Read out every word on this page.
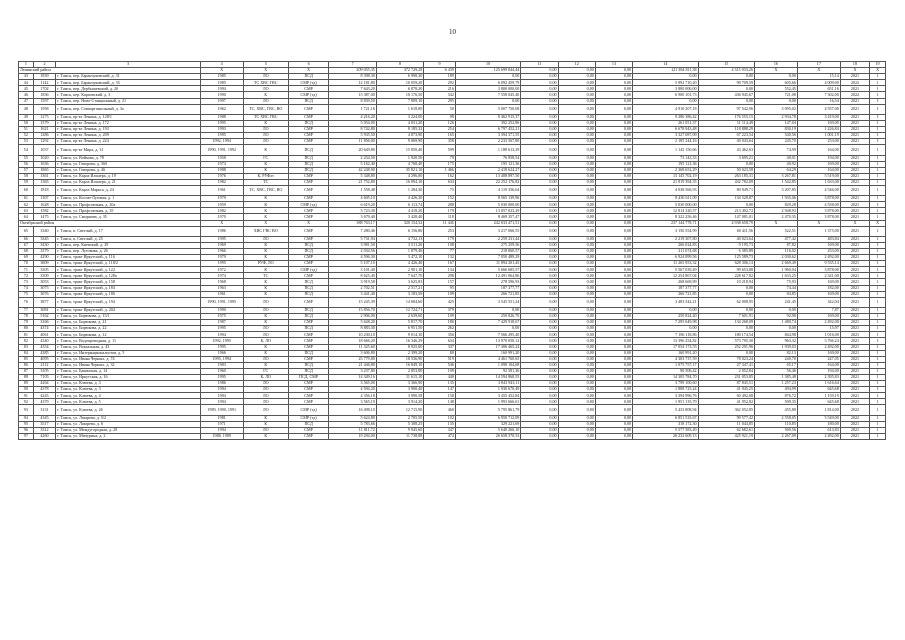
10
1	2	3	4	5	6	7	8	9	10	11	12	13	14	15	16	17	18	19
Ленинский район			X	X	X	209 055,35	372 729,28	6 439	125 699 844,44	0,00	0,00	0,00	121 384 811,38	4 315 033,26	X	X	X	X
43	1839	г. Томск, пер. Баранчуковский, д. 31	1985	ЛО	ПСД	8 398,30	6 998,30	189	0,00	0,00	0,00	0,00	0,00	0,00	0,00	15,14	2021	1
44	1142	г. Томск, пер. Баранчуковский, д. 35	1985	ТС ХВС ГВС	СМР (тд)	12 181,80	10 059,20	292	6 092 459,79	0,00	0,00	0,00	5 992 710,20	99 709,59	605,66	4 009,00	2022	1
45	1702	г. Томск, пер. Дербышевский, д. 20	1994	ЛО	СМР	7 643,20	6 878,20	216	3 800 000,00	0,00	0,00	0,00	3 800 000,00	0,00	552,45	651,16	2021	1
46	1836	г. Томск, пер. Карповский, д. 3	1990	К	СМР (тд)	15 387,00	10 176,50	342	7 558 045,40	0,00	0,00	0,00	6 900 101,73	436 945,67	721,08	7 302,00	2022	1
47	1597	г. Томск, пер. Ново-Станционный, д. 21	1997	ЛО	ПСД	8 839,50	7 809,10	295	0,00	0,00	0,00	0,00	0,00	0,00	0,00	16,54	2021	1
48	1958	г. Томск, пер. Совпартшкольный, д. 3а	1962	ТС, ХВС, ГВС, ВО	СМР	1 721,16	1 618,00	50	5 007 750,08	0,00	0,00	0,00	4 910 207,18	97 542,96	3 095,02	4 557,00	2021	1
49	1275	г. Томск, пр-кт Ленина, д. 128/1	1988	ТС ХВС ГВС	СМР	4 216,20	3 224,00	98	9 462 915,37	0,00	0,00	0,00	9 286 386,42	176 555,15	2 934,78	3 419,00	2021	1
50	1579	г. Томск, пр-кт Ленина, д. 172	1995	К	ПСД	5 054,00	4 031,20	126	392 252,86	0,00	0,00	0,00	261 051,37	11 114,49	147,04	169,00	2021	1
51	1621	г. Томск, пр-кт Ленина, д. 193	1993	ЛО	СМР	8 742,80	8 185,32	254	6 797 452,21	0,00	0,00	0,00	6 678 943,48	118 888,29	830,19	1 226,84	2021	1
52	1286	г. Томск, пр-кт Ленина, д. 209	1995	ЛО	СМР	5 935,50	4 873,90	165	3 394 371,55	0,00	0,00	0,00	3 327 087,09	67 223,54	540,56	1 001,19	2021	1
53	1292	г. Томск, пр-кт Ленина, д. 224	1992, 1994	ЛО	СМР	11 856,00	9 069,90	358	2 233 567,80	0,00	0,00	0,00	2 185 244,16	40 043,64	245,70	253,00	2021	1
54	1037	г. Томск, пр-кт Мира, д. 31	1990, 1991, 1992	К	ПСД	20 649,80	15 850,40	599	1 188 613,29	0,00	0,00	0,00	1 145 150,66	43 462,63	74,99	164,00	2021	1
55	1020	г. Томск, ул. Войкова, д. 78	1958	ГС	ПСД	2 254,50	1 920,50	79	76 858,54	0,00	0,00	0,00	73 143,33	3 695,21	40,01	194,00	2021	1
56	1636	г. Томск, ул. Говорова, д. 36б	1974	К	ПСД	5 162,40	4 768,40	175	195 121,36	0,00	0,00	0,00	195 121,36	0,00	40,92	169,00	2021	1
57	1865	г. Томск, ул. Говорова, д. 46	1988	К	ПСД	42 248,90	35 821,10	1 466	2 418 624,27	0,00	0,00	0,00	2 368 652,29	50 023,58	64,29	164,00	2021	1
58	1361	г. Томск, ул. Карла Ильмера, д. 19	1976	К, РУФлт	СМР	5 348,80	4 296,00	162	13 408 897,50	0,00	0,00	0,00	13 145 702,19	263 185,31	3 267,81	5 519,00	2021	1
59	1365	г. Томск, ул. Карла Ильмера, д. 21	1982	ТС	СМР	21 752,80	16 094,10	634	22 252 176,82	0,00	0,00	0,00	21 819 394,35	432 782,09	1 542,85	1 633,00	2021	1
60	1818	г. Томск, ул. Карла Маркса, д. 24	1961	ТС, ХВС, ГВС, ВО	СМР	1 558,48	1 284,30	75	4 119 356,64	0,00	0,00	0,00	4 038 566,93	80 949,71	3 207,85	4 546,00	2021	1
61	1307	г. Томск, ул. Косою-Луговая, д. 1	1979	К	СМР	4 605,10	4 426,30	152	8 565 139,96	0,00	0,00	0,00	8 430 611,09	134 528,87	1 935,06	3 878,00	2021	1
62	1628	г. Томск, ул. Профсоюзная, д. 20а	1959	К	СМР (тд)	6 619,20	6 113,74	288	5 030 000,00	0,00	0,00	0,00	5 030 000,00	0,00	829,28	4 558,00	2021	1
63	1582	г. Томск, ул. Профсоюзная, д. 35	1982	К	СМР	5 723,30	4 418,20	179	13 057 023,29	0,00	0,00	0,00	12 814 320,57	213 402,72	2 948,93	3 878,00	2021	1
64	1475	г. Томск, ул. Смирнова, д. 35	1970	К	СМР	3 679,40	3 428,40	118	8 469 357,47	0,00	0,00	0,00	8 322 256,46	147 081,01	2 470,35	3 878,00	2021	1
Октябрьский район			X	X	X	388 763,17	320 154,32	11 445	242 033 471,51	0,00	0,00	0,00	237 144 778,71	4 938 658,79	X	X	X	X
65	3340	г. Томск, п. Светлый, д. 17	1986	ХВС ГВС ВО	СМР	7 280,46	6 156,86	253	3 217 066,55	0,00	0,00	0,00	3 156 554,99	60 411,56	522,51	1 375,00	2021	1
66	3345	г. Томск, п. Светлый, д. 25	1995	ЛО	СМР	5 731,94	4 732,13	179	2 259 231,44	0,00	0,00	0,00	2 219 307,80	40 023,64	477,42	483,84	2021	1
67	3430	г. Томск, пер. Киевский, д. 29	1969	К	ПСД	3 981,50	3 511,20	108	275 259,56	0,00	0,00	0,00	266 024,83	9 195,73	87,82	169,00	2021	1
68	3379	г. Томск, пер. Луговика, д. 26	1966	К	ПСД	2 034,56	1 879,46	77	218 060,57	0,00	0,00	0,00	211 674,68	6 385,89	116,02	253,00	2021	1
69	4290	г. Томск, тракт Иркутский, д. 116	1979	К	СМР	4 596,30	3 472,10	132	7 050 489,29	0,00	0,00	0,00	6 924 899,56	125 589,73	2 030,62	2 492,00	2021	1
70	3809	г. Томск, тракт Иркутский, д. 118/2	1995	РУФ, ЛО	СМР	5 107,10	4 426,40	167	11 894 201,45	0,00	0,00	0,00	11 265 953,32	628 306,13	2 669,49	9 535,14	2021	1
71	3305	г. Томск, тракт Иркутский, д. 122	1972	К	СМР (тд)	3 101,40	2 901,10	134	5 666 685,57	0,00	0,00	0,00	5 567 039,49	99 653,88	1 960,04	3 878,00	2021	1
72	3309	г. Томск, тракт Иркутский, д. 128а	1974	ТС	СМР	8 625,40	7 647,70	298	12 491 064,86	0,00	0,00	0,00	12 254 867,04	228 617,82	1 633,25	2 341,00	2021	1
73	3053	г. Томск, тракт Иркутский, д. 158	1968	К	ПСД	3 919,58	3 625,83	157	278 596,93	0,00	0,00	0,00	268 669,99	10 218,94	75,93	169,00	2021	1
74	3075	г. Томск, тракт Иркутский, д. 184	1963	К	ПСД	2 702,51	2 517,21	95	187 377,77	0,00	0,00	0,00	187 377,77	0,00	74,44	182,00	2021	1
75	3076	г. Томск, тракт Иркутский, д. 186	1961	К	ПСД	3 441,40	3 183,56	109	266 721,85	0,00	0,00	0,00	266 721,85	0,00	84,85	169,00	2021	1
76	3877	г. Томск, тракт Иркутский, д. 194	1990, 1991, 1995	ЛО	СМР	15 245,39	14 684,60	425	3 545 551,24	0,00	0,00	0,00	3 483 542,21	62 008,95	241,45	342,04	2021	1
77	3081	г. Томск, тракт Иркутский, д. 204	1990	ЛО	ПСД	15 856,70	12 724,71	379	0,00	0,00	0,00	0,00	0,00	0,00	0,00	7,87	2021	1
78	5162	г. Томск, ул. Бирюкова, д. 15/1	1975	К	ПСД	2 906,00	2 639,60	109	250 826,70	0,00	0,00	0,00	250 824,40	7 601,91	92,98	169,00	2021	1
79	3166	г. Томск, ул. Бирюкова, д. 21	1987	К	СМР	5 628,20	5 817,70	180	7 429 918,67	0,00	0,00	0,00	7 295 649,98	134 268,09	1 480,74	2 492,00	2021	1
80	4374	г. Томск, ул. Бирюкова, д. 22	1995	ЛО	ПСД	8 883,30	6 951,50	262	0,00	0,00	0,00	0,00	0,00	0,00	0,00	15,97	2021	1
81	4061	г. Томск, ул. Бирюкова, д. 12	1994	ЛО	СМР	10 230,10	9 014,10	356	7 566 295,40	0,00	0,00	0,00	7 186 118,86	180 174,54	844,98	1 016,00	2021	1
82	4340	г. Томск, ул. Водопроводная, д. 11	1992, 1995	К, ЛО	СМР	18 666,20	16 346,29	634	13 970 050,12	0,00	0,00	0,00	13 396 254,82	573 795,30	963,32	3 766,24	2021	1
83	4354	г. Томск, ул. Вокзальная, д. 43	1995	К	СМР	11 325,60	8 925,00	337	17 306 465,24	0,00	0,00	0,00	17 054 173,55	252 291,96	1 939,03	2 492,00	2021	1
84	4385	г. Томск, ул. Интернационалистов, д. 5	1966	К	ПСД	3 606,80	2 399,20	80	160 991,20	0,00	0,00	0,00	160 991,20	0,00	82,13	169,00	2021	1
85	4095	г. Томск, ул. Ивана Черных, д. 74	1995, 1994	ЛО	СМР	25 779,80	18 536,90	519	4 461 760,65	0,00	0,00	0,00	4 383 737,59	78 023,24	240,70	247,05	2021	1
86	2112	г. Томск, ул. Ивана Черных, д. 32	1983	К	ПСД	21 446,80	16 849,10	546	1 098 104,68	0,00	0,00	0,00	1 075 757,17	27 347,41	65,17	164,00	2021	1
87	3105	г. Томск, ул. Бакинская, д. 14	1960	ГС	ПСД	3 237,80	2 853,80	109	92 581,36	0,00	0,00	0,00	90 506,42	2 052,84	56,46	194,00	2021	1
88	7105	г. Томск, ул. Иркутская, д. 16	1995	К, ЛО	ПСД, СМР	14 349,16	11 615,10	440	14 594 868,55	0,00	0,00	0,00	14 305 784,70	231 053,85	1 385,48	2 395,83	2021	1
89	4264	г. Томск, ул. Клюева, д. 3	1986	ЛО	СМР	3 565,00	3 366,90	135	3 843 943,11	0,00	0,00	0,00	3 799 100,60	87 845,51	1 257,23	1 616,64	2021	1
90	4378	г. Томск, ул. Клюева, д. 3	1994	ЛО	СМР	4 594,20	3 900,40	147	1 930 670,49	0,00	0,00	0,00	1 888 725,24	41 945,25	494,99	645,68	2021	1
91	4245	г. Томск, ул. Клюева, д. 4	1994	ЛО	СМР	4 356,18	3 990,58	158	3 455 452,84	0,00	0,00	0,00	3 394 996,76	60 492,08	876,72	1 159,19	2021	1
92	4379	г. Томск, ул. Клюева, д. 5	1994	ЛО	СМР	3 565,19	3 914,20	148	1 993 666,61	0,00	0,00	0,00	1 951 135,79	41 952,82	509,35	645,68	2021	1
93	3131	г. Томск, ул. Клюева, д. 26	1989, 1990, 1991	ЛО	СМР (тд)	16 498,10	12 715,90	460	5 795 861,79	0,00	0,00	0,00	5 433 808,94	362 052,85	455,80	1 814,00	2022	1
94	4345	г. Томск, ул. Лазарева, д. 5/2	1981	К	СМР (тд)	5 624,80	2 705,50	102	6 950 712,09	0,00	0,00	0,00	6 851 535,67	99 577,42	2 558,05	5 549,00	2022	1
95	3517	г. Томск, ул. Лазарева, д. 6	1971	К	ПСД	5 783,66	5 308,25	135	329 221,69	0,00	0,00	0,00	318 172,30	11 044,85	110,85	180,00	2021	1
96	3312	г. Томск, ул. Междугородная, д. 28	1994	ЛО	СМР	11 811,72	9 945,60	347	5 640 266,10	0,00	0,00	0,00	5 577 583,49	62 682,61	569,56	613,83	2021	1
97	4260	г. Томск, ул. Мичурина, д. 2	1988, 1989	К	СМР	19 294,00	11 738,88	474	26 658 370,53	0,00	0,00	0,00	26 232 609,13	425 921,19	2 267,09	2 492,00	2021	1
